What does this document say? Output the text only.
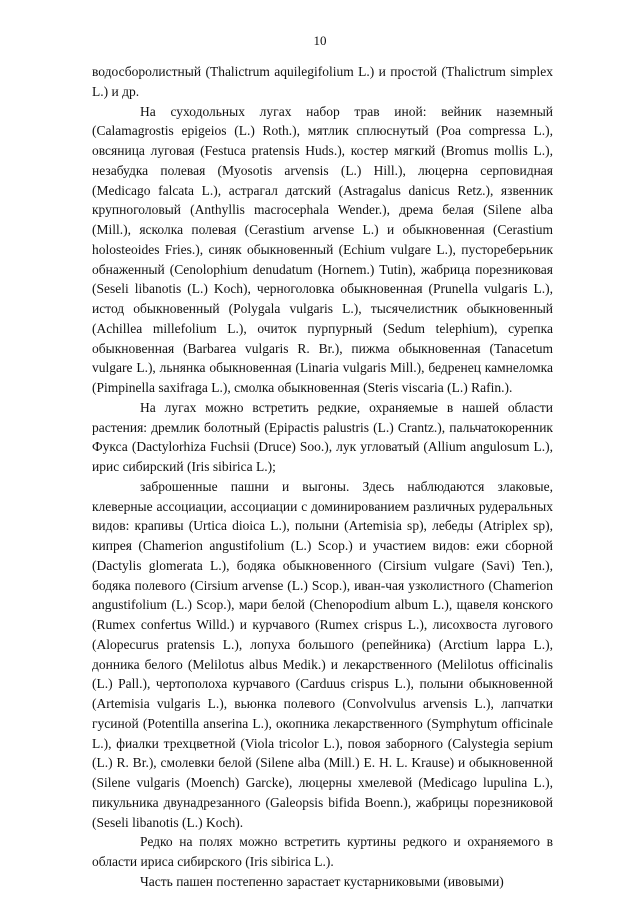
10

водосборолистный (Thalictrum aquilegifolium L.) и простой (Thalictrum simplex L.) и др.

На суходольных лугах набор трав иной: вейник наземный (Calamagrostis epigeios (L.) Roth.), мятлик сплюснутый (Poa compressa L.), овсяница луговая (Festuca pratensis Huds.), костер мягкий (Bromus mollis L.), незабудка полевая (Myosotis arvensis (L.) Hill.), люцерна серповидная (Medicago falcata L.), астрагал датский (Astragalus danicus Retz.), язвенник крупноголовый (Anthyllis macrocephala Wender.), дрема белая (Silene alba (Mill.), ясколка полевая (Cerastium arvense L.) и обыкновенная (Cerastium holosteoides Fries.), синяк обыкновенный (Echium vulgare L.), пустореберьник обнаженный (Cenolophium denudatum (Hornem.) Tutin), жабрица порезниковая (Seseli libanotis (L.) Koch), черноголовка обыкновенная (Prunella vulgaris L.), истод обыкновенный (Polygala vulgaris L.), тысячелистник обыкновенный (Achillea millefolium L.), очиток пурпурный (Sedum telephium), сурепка обыкновенная (Barbarea vulgaris R. Br.), пижма обыкновенная (Tanacetum vulgare L.), льнянка обыкновенная (Linaria vulgaris Mill.), бедренец камнеломка (Pimpinella saxifraga L.), смолка обыкновенная (Steris viscaria (L.) Rafin.).

На лугах можно встретить редкие, охраняемые в нашей области растения: дремлик болотный (Epipactis palustris (L.) Crantz.), пальчатокоренник Фукса (Dactylorhiza Fuchsii (Druce) Soo.), лук угловатый (Allium angulosum L.), ирис сибирский (Iris sibirica L.);

заброшенные пашни и выгоны. Здесь наблюдаются злаковые, клеверные ассоциации, ассоциации с доминированием различных рудеральных видов: крапивы (Urtica dioica L.), полыни (Artemisia sp), лебеды (Atriplex sp), кипрея (Chamerion angustifolium (L.) Scop.) и участием видов: ежи сборной (Dactylis glomerata L.), бодяка обыкновенного (Cirsium vulgare (Savi) Ten.), бодяка полевого (Cirsium arvense (L.) Scop.), иван-чая узколистного (Chamerion angustifolium (L.) Scop.), мари белой (Chenopodium album L.), щавеля конского (Rumex confertus Willd.) и курчавого (Rumex crispus L.), лисохвоста лугового (Alopecurus pratensis L.), лопуха большого (репейника) (Arctium lappa L.), донника белого (Melilotus albus Medik.) и лекарственного (Melilotus officinalis (L.) Pall.), чертополоха курчавого (Carduus crispus L.), полыни обыкновенной (Artemisia vulgaris L.), вьюнка полевого (Convolvulus arvensis L.), лапчатки гусиной (Potentilla anserina L.), окопника лекарственного (Symphytum officinale L.), фиалки трехцветной (Viola tricolor L.), повоя заборного (Calystegia sepium (L.) R. Br.), смолевки белой (Silene alba (Mill.) E. H. L. Krause) и обыкновенной (Silene vulgaris (Moench) Garcke), люцерны хмелевой (Medicago lupulina L.), пикульника двунадрезанного (Galeopsis bifida Boenn.), жабрицы порезниковой (Seseli libanotis (L.) Koch).

Редко на полях можно встретить куртины редкого и охраняемого в области ириса сибирского (Iris sibirica L.).

Часть пашен постепенно зарастает кустарниковыми (ивовыми)
